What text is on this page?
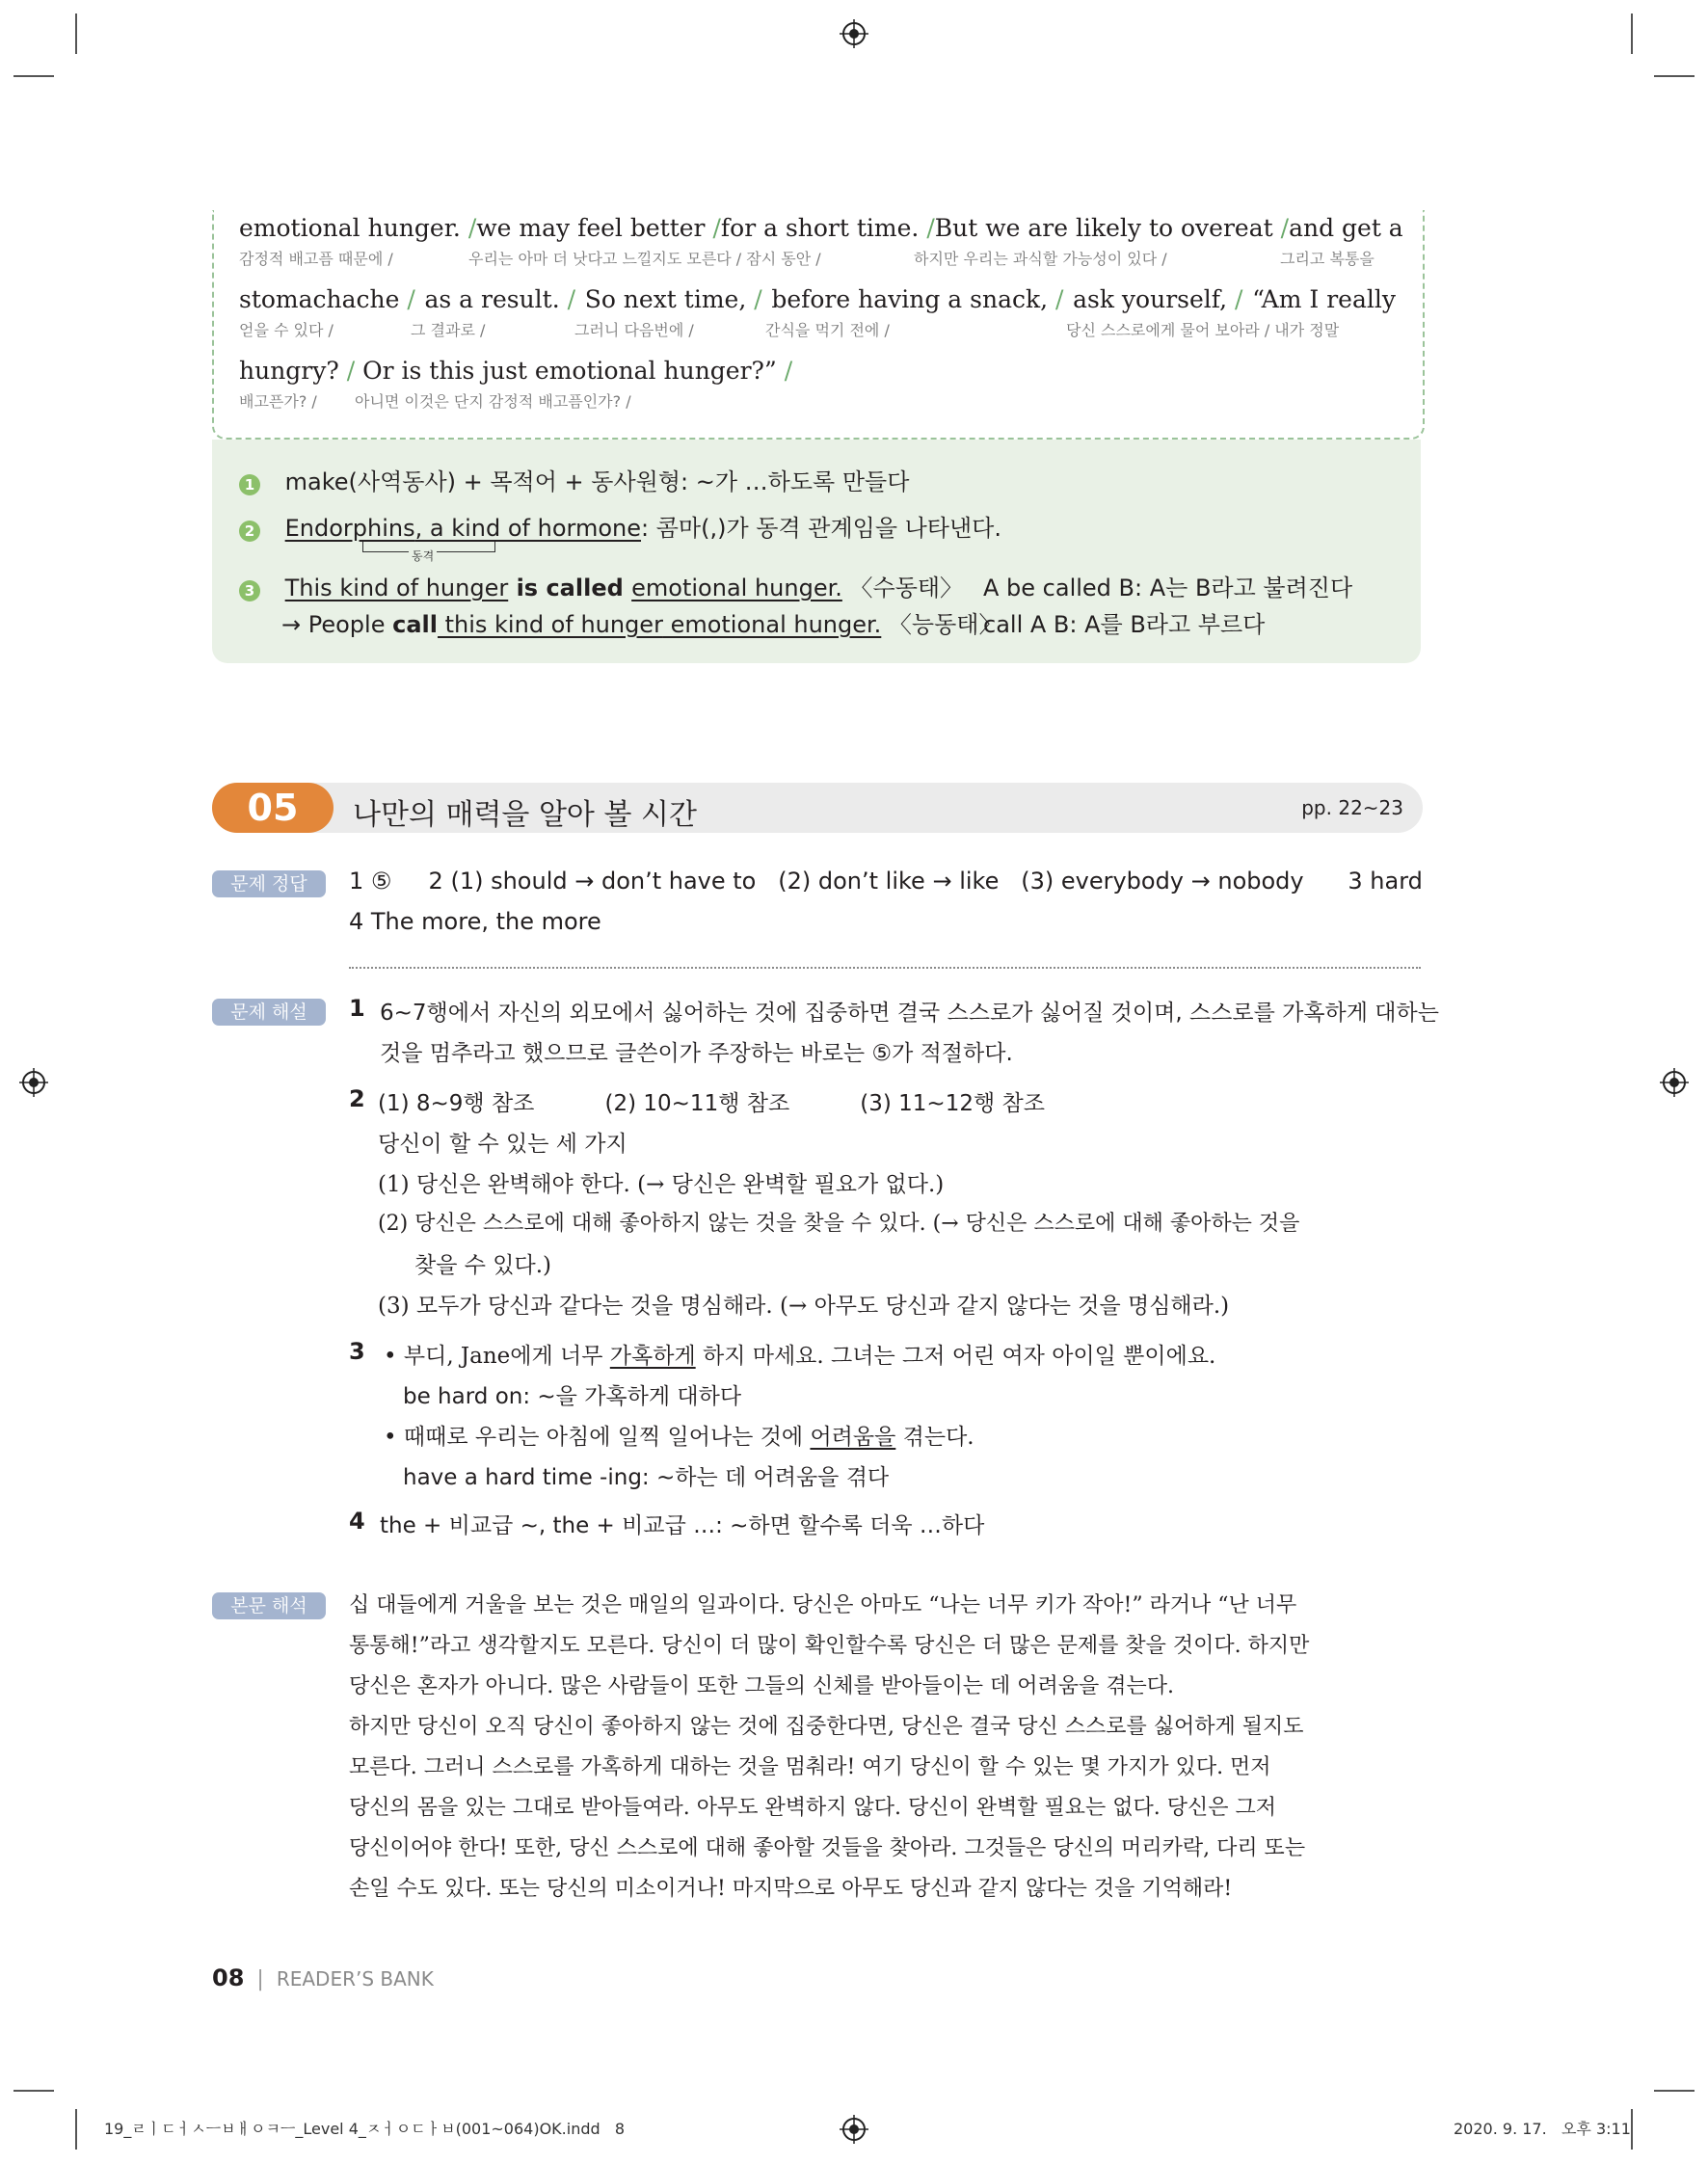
emotional hunger. / we may feel better / for a short time. / But we are likely to overeat / and get a
감정적 배고픔 때문에 /	우리는 아마 더 낫다고 느낄지도 모른다 / 잠시 동안 /	하지만 우리는 과식할 가능성이 있다 /	그리고 복통을
stomachache / as a result. / So next time, / before having a snack, / ask yourself, / “Am I really
얻을 수 있다 /	그 결과로 /	그러니 다음번에 /	간식을 먹기 전에 /	당신 스스로에게 물어 보아라 / 내가 정말
hungry? / Or is this just emotional hunger?” /
배고픈가? / 아니면 이것은 단지 감정적 배고픔인가? /
1 make(사역동사) + 목적어 + 동사원형: ~가 …하도록 만들다
2 Endorphins, a kind of hormone: 콤마(,)가 동격 관계임을 나타낸다.
동격
3 This kind of hunger is called emotional hunger. 〈수동태〉
→ People call this kind of hunger emotional hunger. 〈능동태〉
A be called B: A는 B라고 불려진다
call A B: A를 B라고 부르다
05	나만의 매력을 알아 볼 시간	pp. 22~23
문제 정답	1 ⑤     2 (1) should → don’t have to   (2) don’t like → like   (3) everybody → nobody      3 hard
4 The more, the more
문제 해설	1 6~7행에서 자신의 외모에서 싫어하는 것에 집중하면 결국 스스로가 싫어질 것이며, 스스로를 가혹하게 대하는
것을 멈추라고 했으므로 글쓴이가 주장하는 바로는 ⑤가 적절하다.
2 (1) 8~9행 참조          (2) 10~11행 참조          (3) 11~12행 참조
당신이 할 수 있는 세 가지
(1) 당신은 완벽해야 한다. (→ 당신은 완벽할 필요가 없다.)
(2) 당신은 스스로에 대해 좋아하지 않는 것을 찾을 수 있다. (→ 당신은 스스로에 대해 좋아하는 것을
찾을 수 있다.)
(3) 모두가 당신과 같다는 것을 명심해라. (→ 아무도 당신과 같지 않다는 것을 명심해라.)
3 • 부디, Jane에게 너무 가혹하게 하지 마세요. 그녀는 그저 어린 여자 아이일 뿐이에요.
be hard on: ~을 가혹하게 대하다
• 때때로 우리는 아침에 일찍 일어나는 것에 어려움을 겪는다.
have a hard time -ing: ~하는 데 어려움을 겪다
4 the + 비교급 ~, the + 비교급 …: ~하면 할수록 더욱 …하다
본문 해석	십 대들에게 거울을 보는 것은 매일의 일과이다. 당신은 아마도 “나는 너무 키가 작아!” 라거나 “난 너무
통통해!”라고 생각할지도 모른다. 당신이 더 많이 확인할수록 당신은 더 많은 문제를 찾을 것이다. 하지만
당신은 혼자가 아니다. 많은 사람들이 또한 그들의 신체를 받아들이는 데 어려움을 겪는다.
하지만 당신이 오직 당신이 좋아하지 않는 것에 집중한다면, 당신은 결국 당신 스스로를 싫어하게 될지도
모른다. 그러니 스스로를 가혹하게 대하는 것을 멈춰라! 여기 당신이 할 수 있는 몇 가지가 있다. 먼저
당신의 몸을 있는 그대로 받아들여라. 아무도 완벽하지 않다. 당신이 완벽할 필요는 없다. 당신은 그저
당신이어야 한다! 또한, 당신 스스로에 대해 좋아할 것들을 찾아라. 그것들은 당신의 머리카락, 다리 또는
손일 수도 있다. 또는 당신의 미소이거나! 마지막으로 아무도 당신과 같지 않다는 것을 기억해라!
08 | READER’S BANK
19_ㄹㅣㄷㅓㅅㅡㅂㅐㅇㅋㅡ_Level 4_ㅈㅓㅇㄷㅏㅂ(001~064)OK.indd   8	2020. 9. 17.   오후 3:11
